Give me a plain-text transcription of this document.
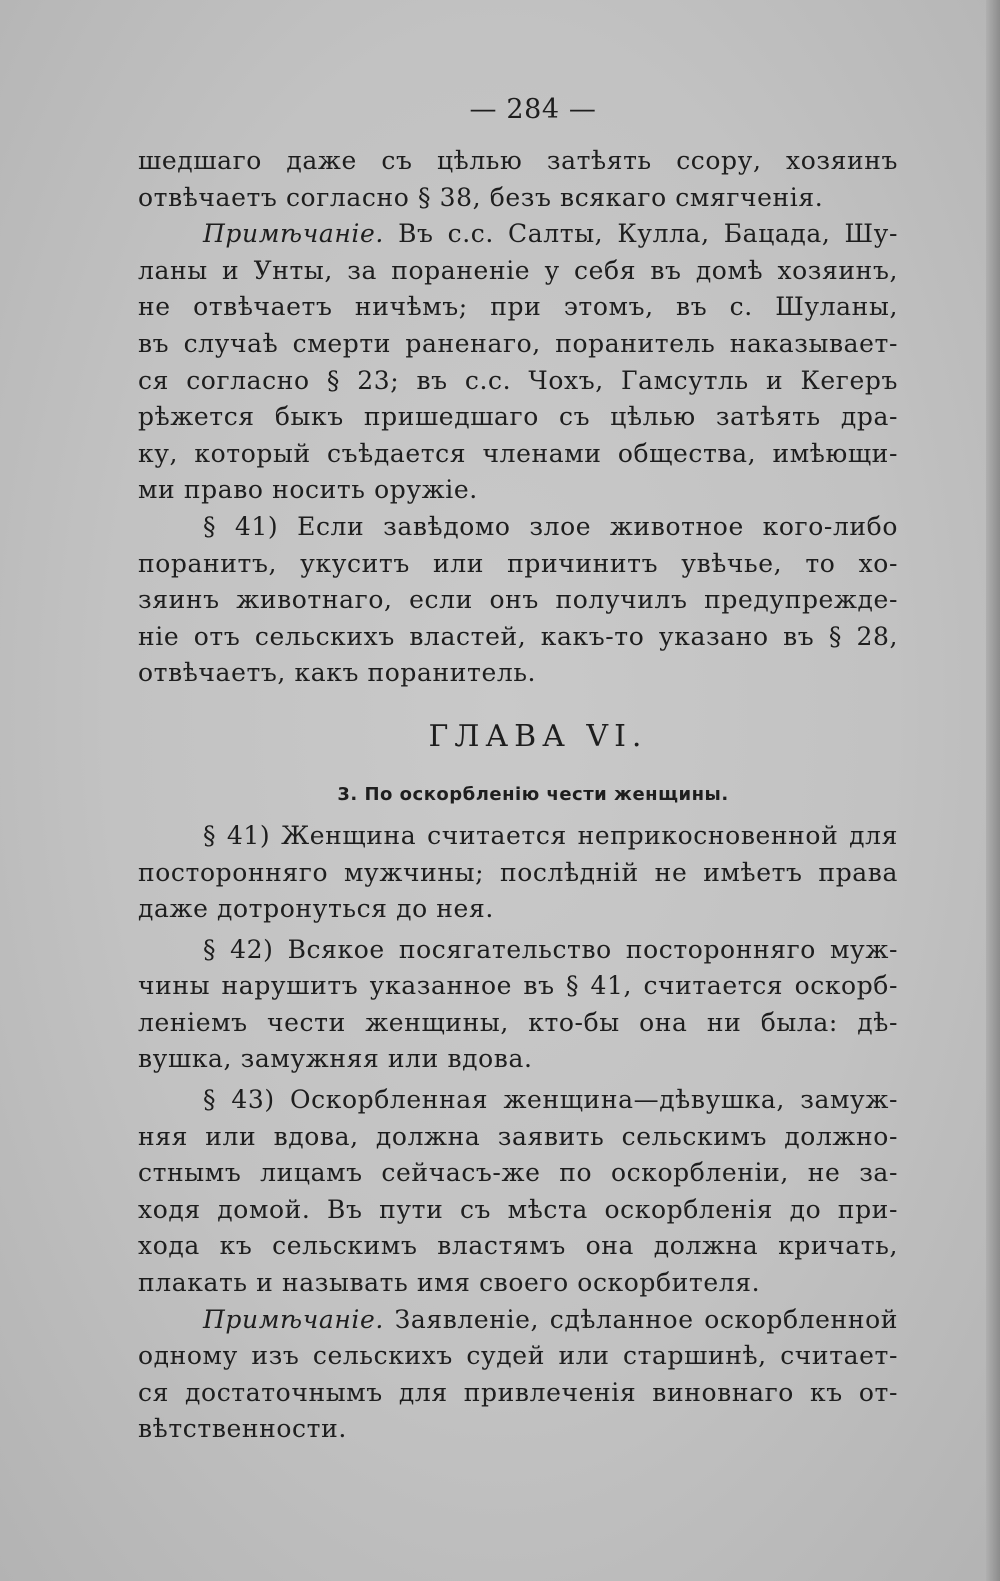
— 284 —
шедшаго даже съ цѣлью затѣять ссору, хозяинъ
отвѣчаетъ согласно § 38, безъ всякаго смягченія.
Примѣчаніе. Въ с.с. Салты, Кулла, Бацада, Шу-
ланы и Унты, за пораненіе у себя въ домѣ хозяинъ,
не отвѣчаетъ ничѣмъ; при этомъ, въ с. Шуланы,
въ случаѣ смерти раненаго, поранитель наказывает-
ся согласно § 23; въ с.с. Чохъ, Гамсутль и Кегеръ
рѣжется быкъ пришедшаго съ цѣлью затѣять дра-
ку, который съѣдается членами общества, имѣющи-
ми право носить оружіе.
§ 41) Если завѣдомо злое животное кого-либо
поранитъ, укуситъ или причинитъ увѣчье, то хо-
зяинъ животнаго, если онъ получилъ предупрежде-
ніе отъ сельскихъ властей, какъ-то указано въ § 28,
отвѣчаетъ, какъ поранитель.
ГЛАВА VI.
3. По оскорбленію чести женщины.
§ 41) Женщина считается неприкосновенной для
посторонняго мужчины; послѣдній не имѣетъ права
даже дотронуться до нея.
§ 42) Всякое посягательство посторонняго муж-
чины нарушитъ указанное въ § 41, считается оскорб-
леніемъ чести женщины, кто-бы она ни была: дѣ-
вушка, замужняя или вдова.
§ 43) Оскорбленная женщина—дѣвушка, замуж-
няя или вдова, должна заявить сельскимъ должно-
стнымъ лицамъ сейчасъ-же по оскорбленіи, не за-
ходя домой. Въ пути съ мѣста оскорбленія до при-
хода къ сельскимъ властямъ она должна кричать,
плакать и называть имя своего оскорбителя.
Примѣчаніе. Заявленіе, сдѣланное оскорбленной
одному изъ сельскихъ судей или старшинѣ, считает-
ся достаточнымъ для привлеченія виновнаго къ от-
вѣтственности.
